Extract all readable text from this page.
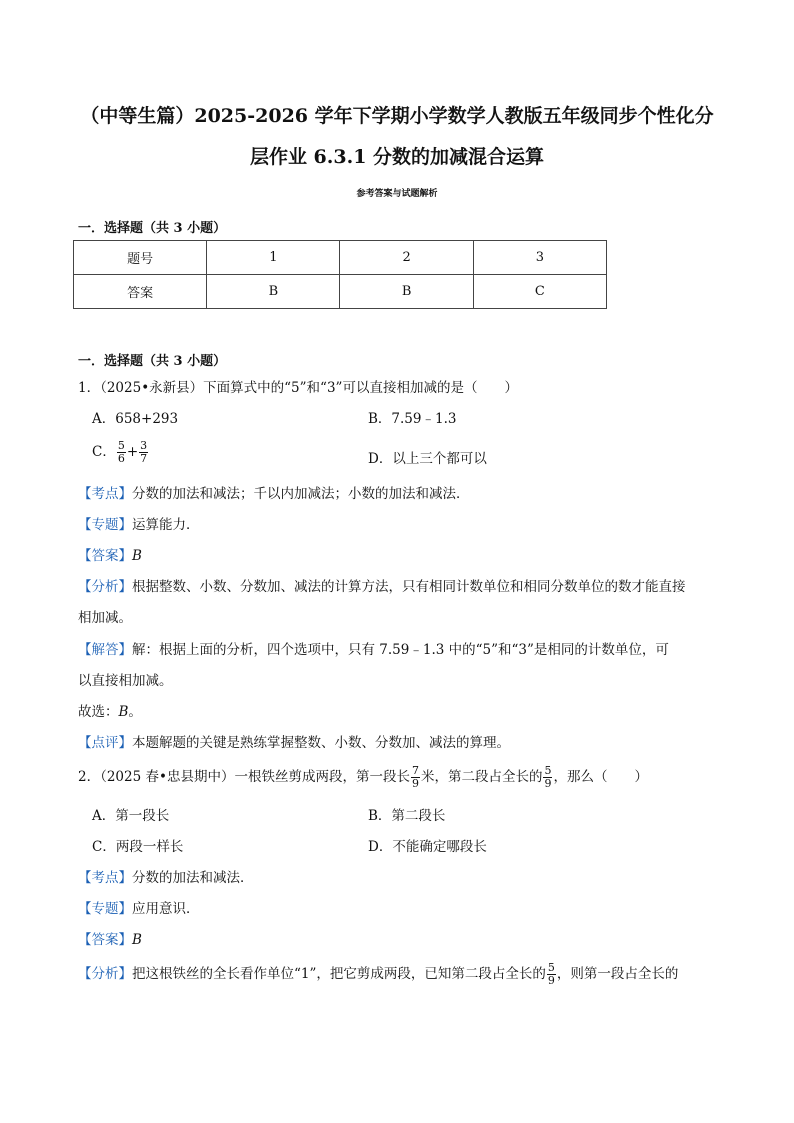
（中等生篇）2025-2026 学年下学期小学数学人教版五年级同步个性化分
层作业 6.3.1 分数的加减混合运算
参考答案与试题解析
一．选择题（共 3 小题）
题号	1	2	3
答案	B	B	C
一．选择题（共 3 小题）
1．（2025•永新县）下面算式中的“5”和“3”可以直接相加减的是（　　）
A．658+293	B．7.59﹣1.3
C． $\frac{5}{6} + \frac{3}{7}$	D．以上三个都可以
【考点】分数的加法和减法；千以内加减法；小数的加法和减法．
【专题】运算能力．
【答案】B
【分析】根据整数、小数、分数加、减法的计算方法，只有相同计数单位和相同分数单位的数才能直接
相加减。
【解答】解：根据上面的分析，四个选项中，只有 7.59﹣1.3 中的“5”和“3”是相同的计数单位，可
以直接相加减。
故选：B。
【点评】本题解题的关键是熟练掌握整数、小数、分数加、减法的算理。
2．（2025 春•忠县期中）一根铁丝剪成两段，第一段长 $\frac{7}{9}$ 米，第二段占全长的 $\frac{5}{9}$ ，那么（　　）
A．第一段长	B．第二段长
C．两段一样长	D．不能确定哪段长
【考点】分数的加法和减法．
【专题】应用意识．
【答案】B
【分析】把这根铁丝的全长看作单位“1”，把它剪成两段，已知第二段占全长的 $\frac{5}{9}$ ，则第一段占全长的
